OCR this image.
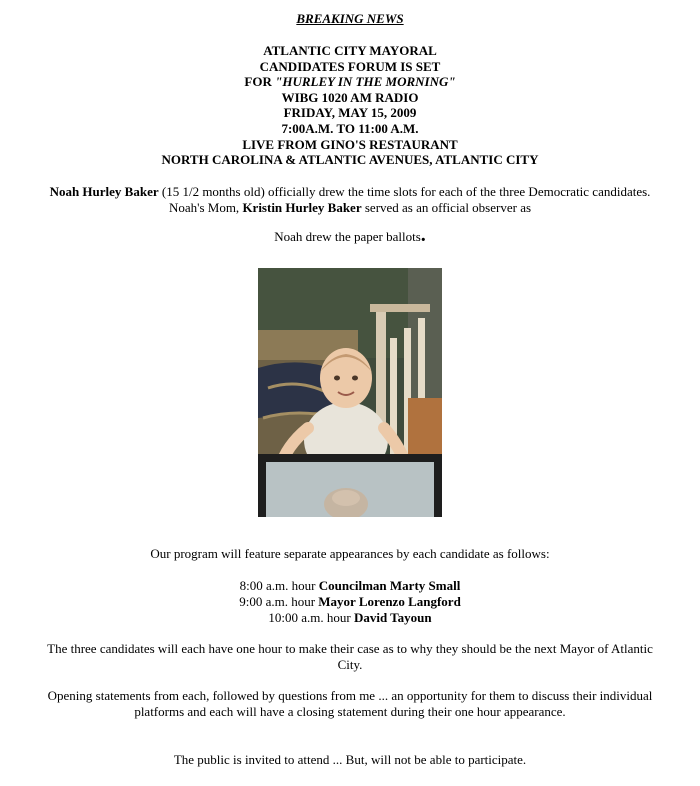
BREAKING NEWS
ATLANTIC CITY MAYORAL
CANDIDATES FORUM IS SET
FOR "HURLEY IN THE MORNING"
WIBG 1020 AM RADIO
FRIDAY, MAY 15, 2009
7:00A.M. TO 11:00 A.M.
LIVE FROM GINO'S RESTAURANT
NORTH CAROLINA & ATLANTIC AVENUES, ATLANTIC CITY
Noah Hurley Baker (15 1/2 months old) officially drew the time slots for each of the three Democratic candidates. Noah's Mom, Kristin Hurley Baker served as an official observer as
Noah drew the paper ballots.
Our program will feature separate appearances by each candidate as follows:
8:00 a.m. hour Councilman Marty Small
9:00 a.m. hour Mayor Lorenzo Langford
10:00 a.m. hour David Tayoun
The three candidates will each have one hour to make their case as to why they should be the next Mayor of Atlantic City.
Opening statements from each, followed by questions from me ... an opportunity for them to discuss their individual platforms and each will have a closing statement during their one hour appearance.
The public is invited to attend ... But, will not be able to participate.
